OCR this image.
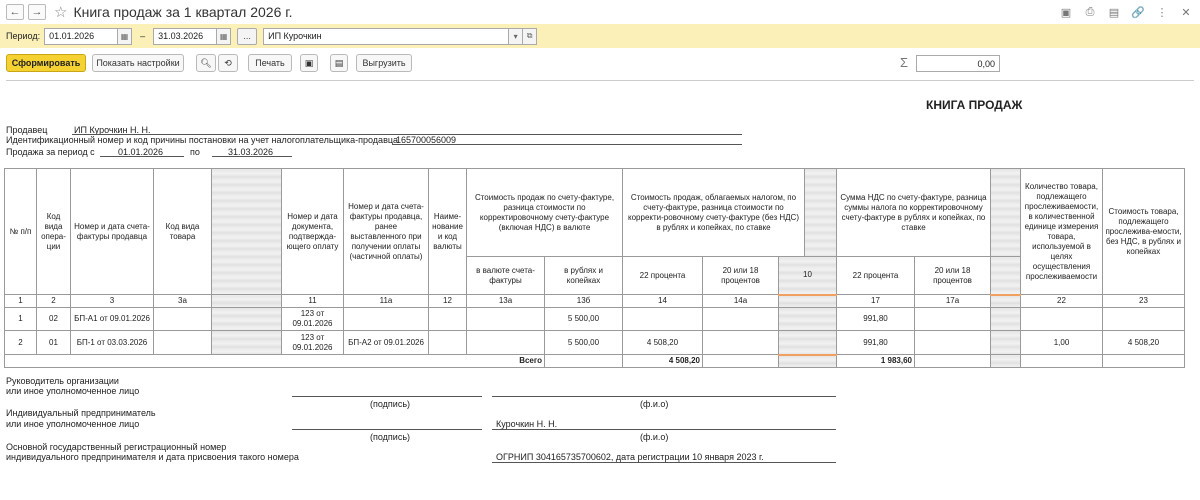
← → ☆ Книга продаж за 1 квартал 2026 г.	▣	⎙	▤ 🔗 ⋮	✕
Период:	01.01.2026	▦ –	31.03.2026	▦	...	ИП Курочкин	▾ ⧉
Сформировать	Показать настройки	🔍︎ ⟲	Печать	▣ ▤	Выгрузить	Σ	0,00
КНИГА ПРОДАЖ
Продавец	ИП Курочкин Н. Н.
Идентификационный номер и код причины постановки на учет налогоплательщика-продавца
165700056009
Продажа за период с	01.01.2026	по	31.03.2026
№ п/п	Код вида опера-ции	Номер и дата счета-фактуры продавца	Код вида товара		Номер и дата документа, подтвержда-ющего оплату	Номер и дата счета-фактуры продавца, ранее выставленного при получении оплаты (частичной оплаты)	Наиме-нование и код валюты	Стоимость продаж по счету-фактуре, разница стоимости по корректировочному счету-фактуре (включая НДС) в валюте		Стоимость продаж, облагаемых налогом, по счету-фактуре, разница стоимости по корректи-ровочному счету-фактуре (без НДС) в рублях и копейках, по ставке				Сумма НДС по счету-фактуре, разница суммы налога по корректировочному счету-фактуре в рублях и копейках, по ставке			Количество товара, подлежащего прослеживаемости, в количественной единице измерения товара, используемой в целях осуществления прослеживаемости	Стоимость товара, подлежащего прослежива-емости, без НДС, в рублях и копейках
								в валюте счета-фактуры	в рублях и копейках	22 процента	20 или 18 процентов	10		22 процента	20 или 18 процентов			
1	2	3	3а		11	11а	12	13а	13б	14	14а			17	17а		22	23
1	02	БП-А1 от 09.01.2026			123 от 09.01.2026				5 500,00					991,80				
2	01	БП-1 от 03.03.2026			123 от 09.01.2026	БП-А2 от 09.01.2026			5 500,00	4 508,20				991,80			1,00	4 508,20
Всего										4 508,20				1 983,60				
Руководитель организации
или иное уполномоченное лицо
(подпись)	(ф.и.о)
Индивидуальный предприниматель
или иное уполномоченное лицо	Курочкин Н. Н.
(подпись)	(ф.и.о)
Основной государственный регистрационный номер
индивидуального предпринимателя и дата присвоения такого номера	ОГРНИП 304165735700602, дата регистрации 10 января 2023 г.
